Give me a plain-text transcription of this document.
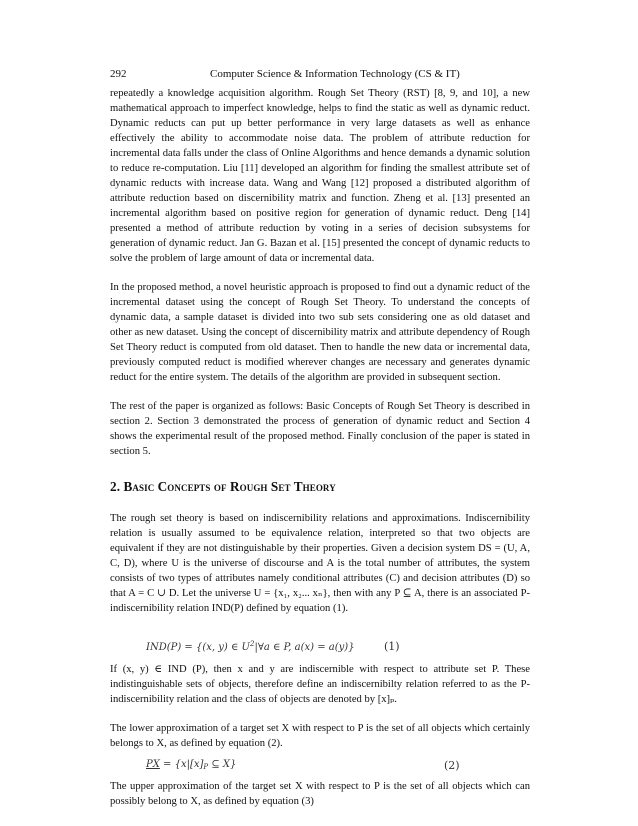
292	Computer Science & Information Technology (CS & IT)

repeatedly a knowledge acquisition algorithm. Rough Set Theory (RST) [8, 9, and 10], a new mathematical approach to imperfect knowledge, helps to find the static as well as dynamic reduct. Dynamic reducts can put up better performance in very large datasets as well as enhance effectively the ability to accommodate noise data. The problem of attribute reduction for incremental data falls under the class of Online Algorithms and hence demands a dynamic solution to reduce re-computation. Liu [11] developed an algorithm for finding the smallest attribute set of dynamic reducts with increase data. Wang and Wang [12] proposed a distributed algorithm of attribute reduction based on discernibility matrix and function. Zheng et al. [13] presented an incremental algorithm based on positive region for generation of dynamic reduct. Deng [14] presented a method of attribute reduction by voting in a series of decision subsystems for generation of dynamic reduct. Jan G. Bazan et al. [15] presented the concept of dynamic reducts to solve the problem of large amount of data or incremental data.

In the proposed method, a novel heuristic approach is proposed to find out a dynamic reduct of the incremental dataset using the concept of Rough Set Theory. To understand the concepts of dynamic data, a sample dataset is divided into two sub sets considering one as old dataset and other as new dataset. Using the concept of discernibility matrix and attribute dependency of Rough Set Theory reduct is computed from old dataset. Then to handle the new data or incremental data, previously computed reduct is modified wherever changes are necessary and generates dynamic reduct for the entire system. The details of the algorithm are provided in subsequent section.

The rest of the paper is organized as follows: Basic Concepts of Rough Set Theory is described in section 2. Section 3 demonstrated the process of generation of dynamic reduct and Section 4 shows the experimental result of the proposed method. Finally conclusion of the paper is stated in section 5.

2. Basic Concepts of Rough Set Theory

The rough set theory is based on indiscernibility relations and approximations. Indiscernibility relation is usually assumed to be equivalence relation, interpreted so that two objects are equivalent if they are not distinguishable by their properties. Given a decision system DS = (U, A, C, D), where U is the universe of discourse and A is the total number of attributes, the system consists of two types of attributes namely conditional attributes (C) and decision attributes (D) so that A = C ∪ D. Let the universe U = {x₁, x₂... xₙ}, then with any P ⊆ A, there is an associated P-indiscernibility relation IND(P) defined by equation (1).

IND(P) = {(x, y) ∈ $U^2|\forall a$ ∈ P, a(x) = a(y)}	(1)

If (x, y) ∈ IND (P), then x and y are indiscernible with respect to attribute set P. These indistinguishable sets of objects, therefore define an indiscernibilty relation referred to as the P-indiscernibility relation and the class of objects are denoted by [x]ₚ.

The lower approximation of a target set X with respect to P is the set of all objects which certainly belongs to X, as defined by equation (2).

PX = {$x|[x]_P$ ⊆ X}	(2)

The upper approximation of the target set X with respect to P is the set of all objects which can possibly belong to X, as defined by equation (3)
